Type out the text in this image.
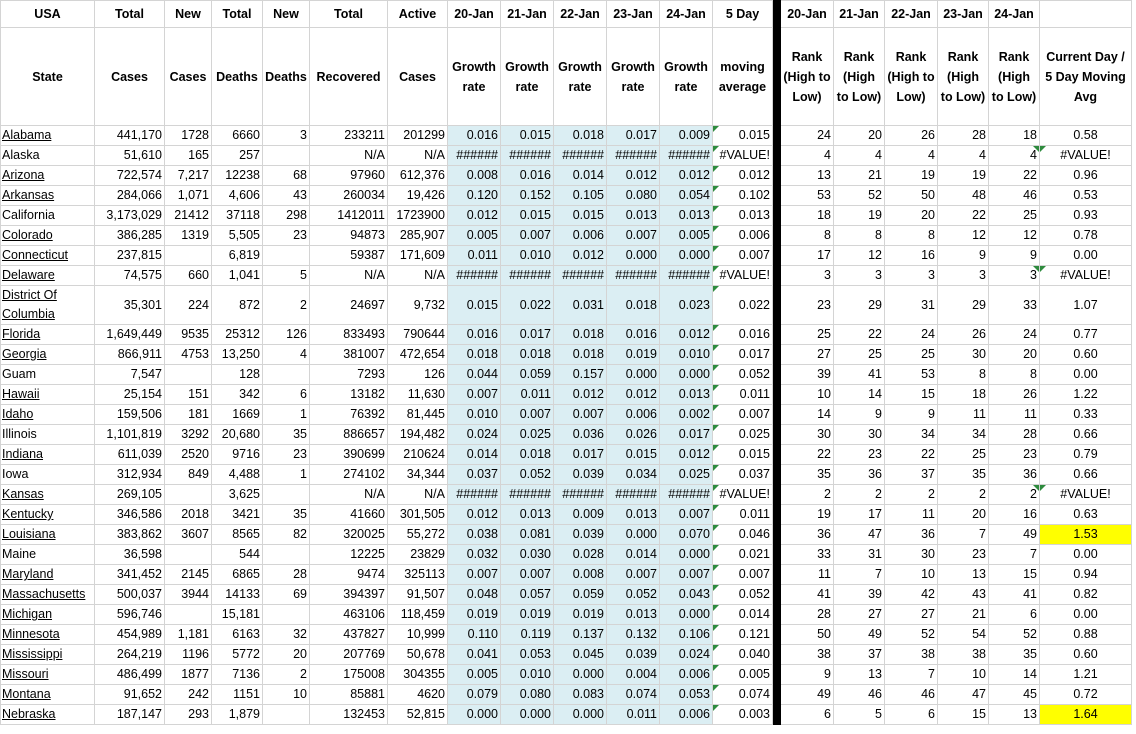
USA	Total	New	Total	New	Total	Active	20-Jan	21-Jan	22-Jan	23-Jan	24-Jan	5 Day		20-Jan	21-Jan	22-Jan	23-Jan	24-Jan	
State	Cases	Cases	Deaths	Deaths	Recovered	Cases	Growth rate	Growth rate	Growth rate	Growth rate	Growth rate	moving average		Rank (High to Low)	Rank (High to Low)	Rank (High to Low)	Rank (High to Low)	Rank (High to Low)	Current Day / 5 Day Moving Avg
Alabama	441,170	1728	6660	3	233211	201299	0.016	0.015	0.018	0.017	0.009	0.015		24	20	26	28	18	0.58
Alaska	51,610	165	257		N/A	N/A	######	######	######	######	######	#VALUE!		4	4	4	4	4	#VALUE!
Arizona	722,574	7,217	12238	68	97960	612,376	0.008	0.016	0.014	0.012	0.012	0.012		13	21	19	19	22	0.96
Arkansas	284,066	1,071	4,606	43	260034	19,426	0.120	0.152	0.105	0.080	0.054	0.102		53	52	50	48	46	0.53
California	3,173,029	21412	37118	298	1412011	1723900	0.012	0.015	0.015	0.013	0.013	0.013		18	19	20	22	25	0.93
Colorado	386,285	1319	5,505	23	94873	285,907	0.005	0.007	0.006	0.007	0.005	0.006		8	8	8	12	12	0.78
Connecticut	237,815		6,819		59387	171,609	0.011	0.010	0.012	0.000	0.000	0.007		17	12	16	9	9	0.00
Delaware	74,575	660	1,041	5	N/A	N/A	######	######	######	######	######	#VALUE!		3	3	3	3	3	#VALUE!
District Of Columbia	35,301	224	872	2	24697	9,732	0.015	0.022	0.031	0.018	0.023	0.022		23	29	31	29	33	1.07
Florida	1,649,449	9535	25312	126	833493	790644	0.016	0.017	0.018	0.016	0.012	0.016		25	22	24	26	24	0.77
Georgia	866,911	4753	13,250	4	381007	472,654	0.018	0.018	0.018	0.019	0.010	0.017		27	25	25	30	20	0.60
Guam	7,547		128		7293	126	0.044	0.059	0.157	0.000	0.000	0.052		39	41	53	8	8	0.00
Hawaii	25,154	151	342	6	13182	11,630	0.007	0.011	0.012	0.012	0.013	0.011		10	14	15	18	26	1.22
Idaho	159,506	181	1669	1	76392	81,445	0.010	0.007	0.007	0.006	0.002	0.007		14	9	9	11	11	0.33
Illinois	1,101,819	3292	20,680	35	886657	194,482	0.024	0.025	0.036	0.026	0.017	0.025		30	30	34	34	28	0.66
Indiana	611,039	2520	9716	23	390699	210624	0.014	0.018	0.017	0.015	0.012	0.015		22	23	22	25	23	0.79
Iowa	312,934	849	4,488	1	274102	34,344	0.037	0.052	0.039	0.034	0.025	0.037		35	36	37	35	36	0.66
Kansas	269,105		3,625		N/A	N/A	######	######	######	######	######	#VALUE!		2	2	2	2	2	#VALUE!
Kentucky	346,586	2018	3421	35	41660	301,505	0.012	0.013	0.009	0.013	0.007	0.011		19	17	11	20	16	0.63
Louisiana	383,862	3607	8565	82	320025	55,272	0.038	0.081	0.039	0.000	0.070	0.046		36	47	36	7	49	1.53
Maine	36,598		544		12225	23829	0.032	0.030	0.028	0.014	0.000	0.021		33	31	30	23	7	0.00
Maryland	341,452	2145	6865	28	9474	325113	0.007	0.007	0.008	0.007	0.007	0.007		11	7	10	13	15	0.94
Massachusetts	500,037	3944	14133	69	394397	91,507	0.048	0.057	0.059	0.052	0.043	0.052		41	39	42	43	41	0.82
Michigan	596,746		15,181		463106	118,459	0.019	0.019	0.019	0.013	0.000	0.014		28	27	27	21	6	0.00
Minnesota	454,989	1,181	6163	32	437827	10,999	0.110	0.119	0.137	0.132	0.106	0.121		50	49	52	54	52	0.88
Mississippi	264,219	1196	5772	20	207769	50,678	0.041	0.053	0.045	0.039	0.024	0.040		38	37	38	38	35	0.60
Missouri	486,499	1877	7136	2	175008	304355	0.005	0.010	0.000	0.004	0.006	0.005		9	13	7	10	14	1.21
Montana	91,652	242	1151	10	85881	4620	0.079	0.080	0.083	0.074	0.053	0.074		49	46	46	47	45	0.72
Nebraska	187,147	293	1,879		132453	52,815	0.000	0.000	0.000	0.011	0.006	0.003		6	5	6	15	13	1.64
